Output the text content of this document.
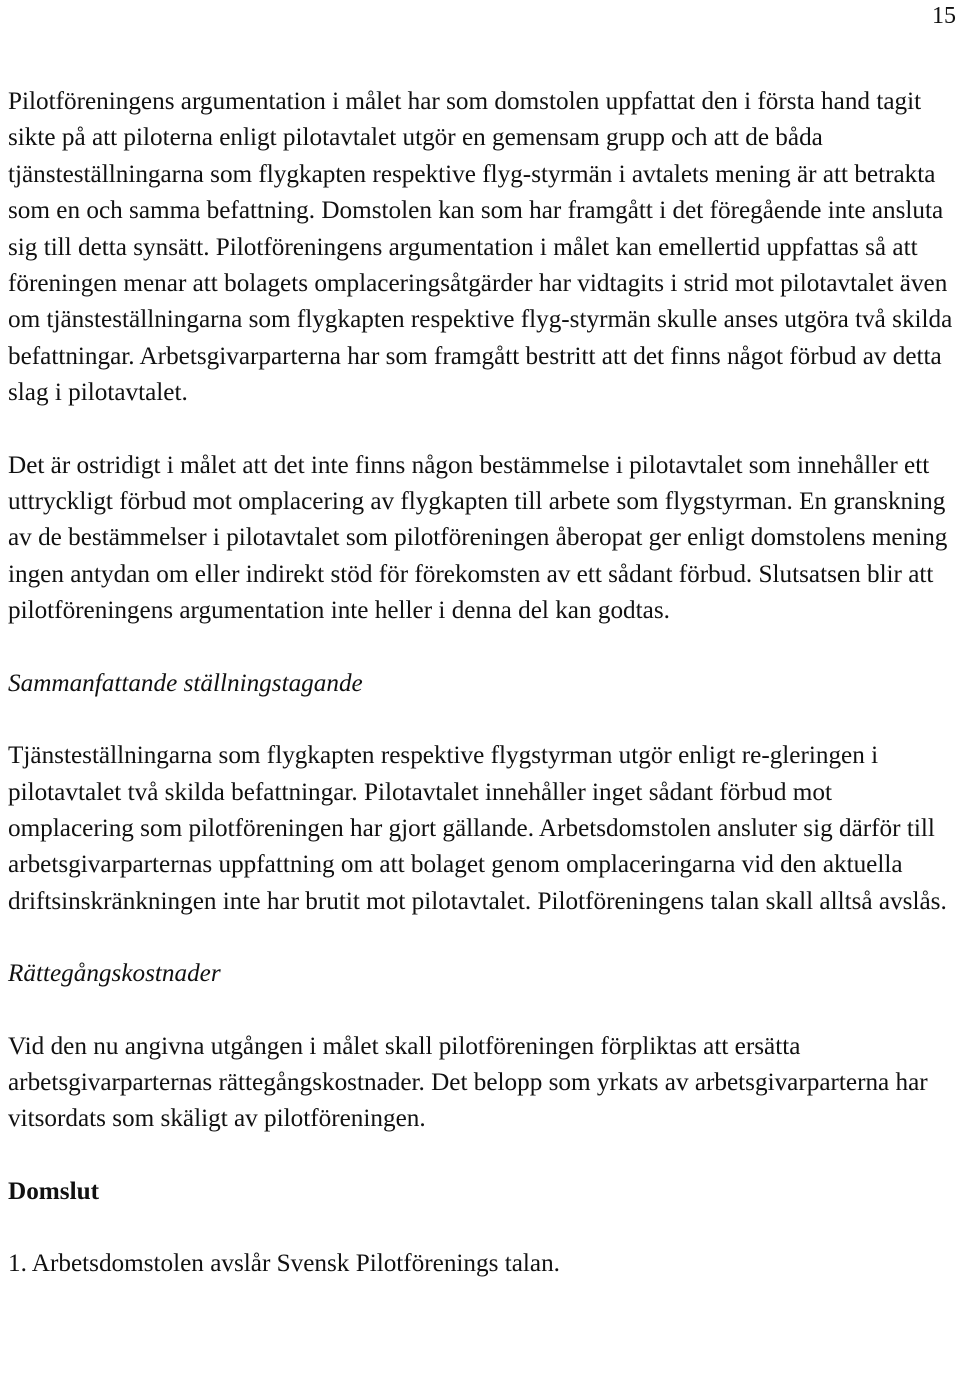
15

Pilotföreningens argumentation i målet har som domstolen uppfattat den i första hand tagit sikte på att piloterna enligt pilotavtalet utgör en gemensam grupp och att de båda tjänsteställningarna som flygkapten respektive flyg-styrmän i avtalets mening är att betrakta som en och samma befattning. Domstolen kan som har framgått i det föregående inte ansluta sig till detta synsätt. Pilotföreningens argumentation i målet kan emellertid uppfattas så att föreningen menar att bolagets omplaceringsåtgärder har vidtagits i strid mot pilotavtalet även om tjänsteställningarna som flygkapten respektive flyg-styrmän skulle anses utgöra två skilda befattningar. Arbetsgivarparterna har som framgått bestritt att det finns något förbud av detta slag i pilotavtalet.

Det är ostridigt i målet att det inte finns någon bestämmelse i pilotavtalet som innehåller ett uttryckligt förbud mot omplacering av flygkapten till arbete som flygstyrman. En granskning av de bestämmelser i pilotavtalet som pilotföreningen åberopat ger enligt domstolens mening ingen antydan om eller indirekt stöd för förekomsten av ett sådant förbud. Slutsatsen blir att pilotföreningens argumentation inte heller i denna del kan godtas.

Sammanfattande ställningstagande

Tjänsteställningarna som flygkapten respektive flygstyrman utgör enligt re-gleringen i pilotavtalet två skilda befattningar. Pilotavtalet innehåller inget sådant förbud mot omplacering som pilotföreningen har gjort gällande. Arbetsdomstolen ansluter sig därför till arbetsgivarparternas uppfattning om att bolaget genom omplaceringarna vid den aktuella driftsinskränkningen inte har brutit mot pilotavtalet. Pilotföreningens talan skall alltså avslås.

Rättegångskostnader

Vid den nu angivna utgången i målet skall pilotföreningen förpliktas att ersätta arbetsgivarparternas rättegångskostnader. Det belopp som yrkats av arbetsgivarparterna har vitsordats som skäligt av pilotföreningen.

Domslut

1. Arbetsdomstolen avslår Svensk Pilotförenings talan.
